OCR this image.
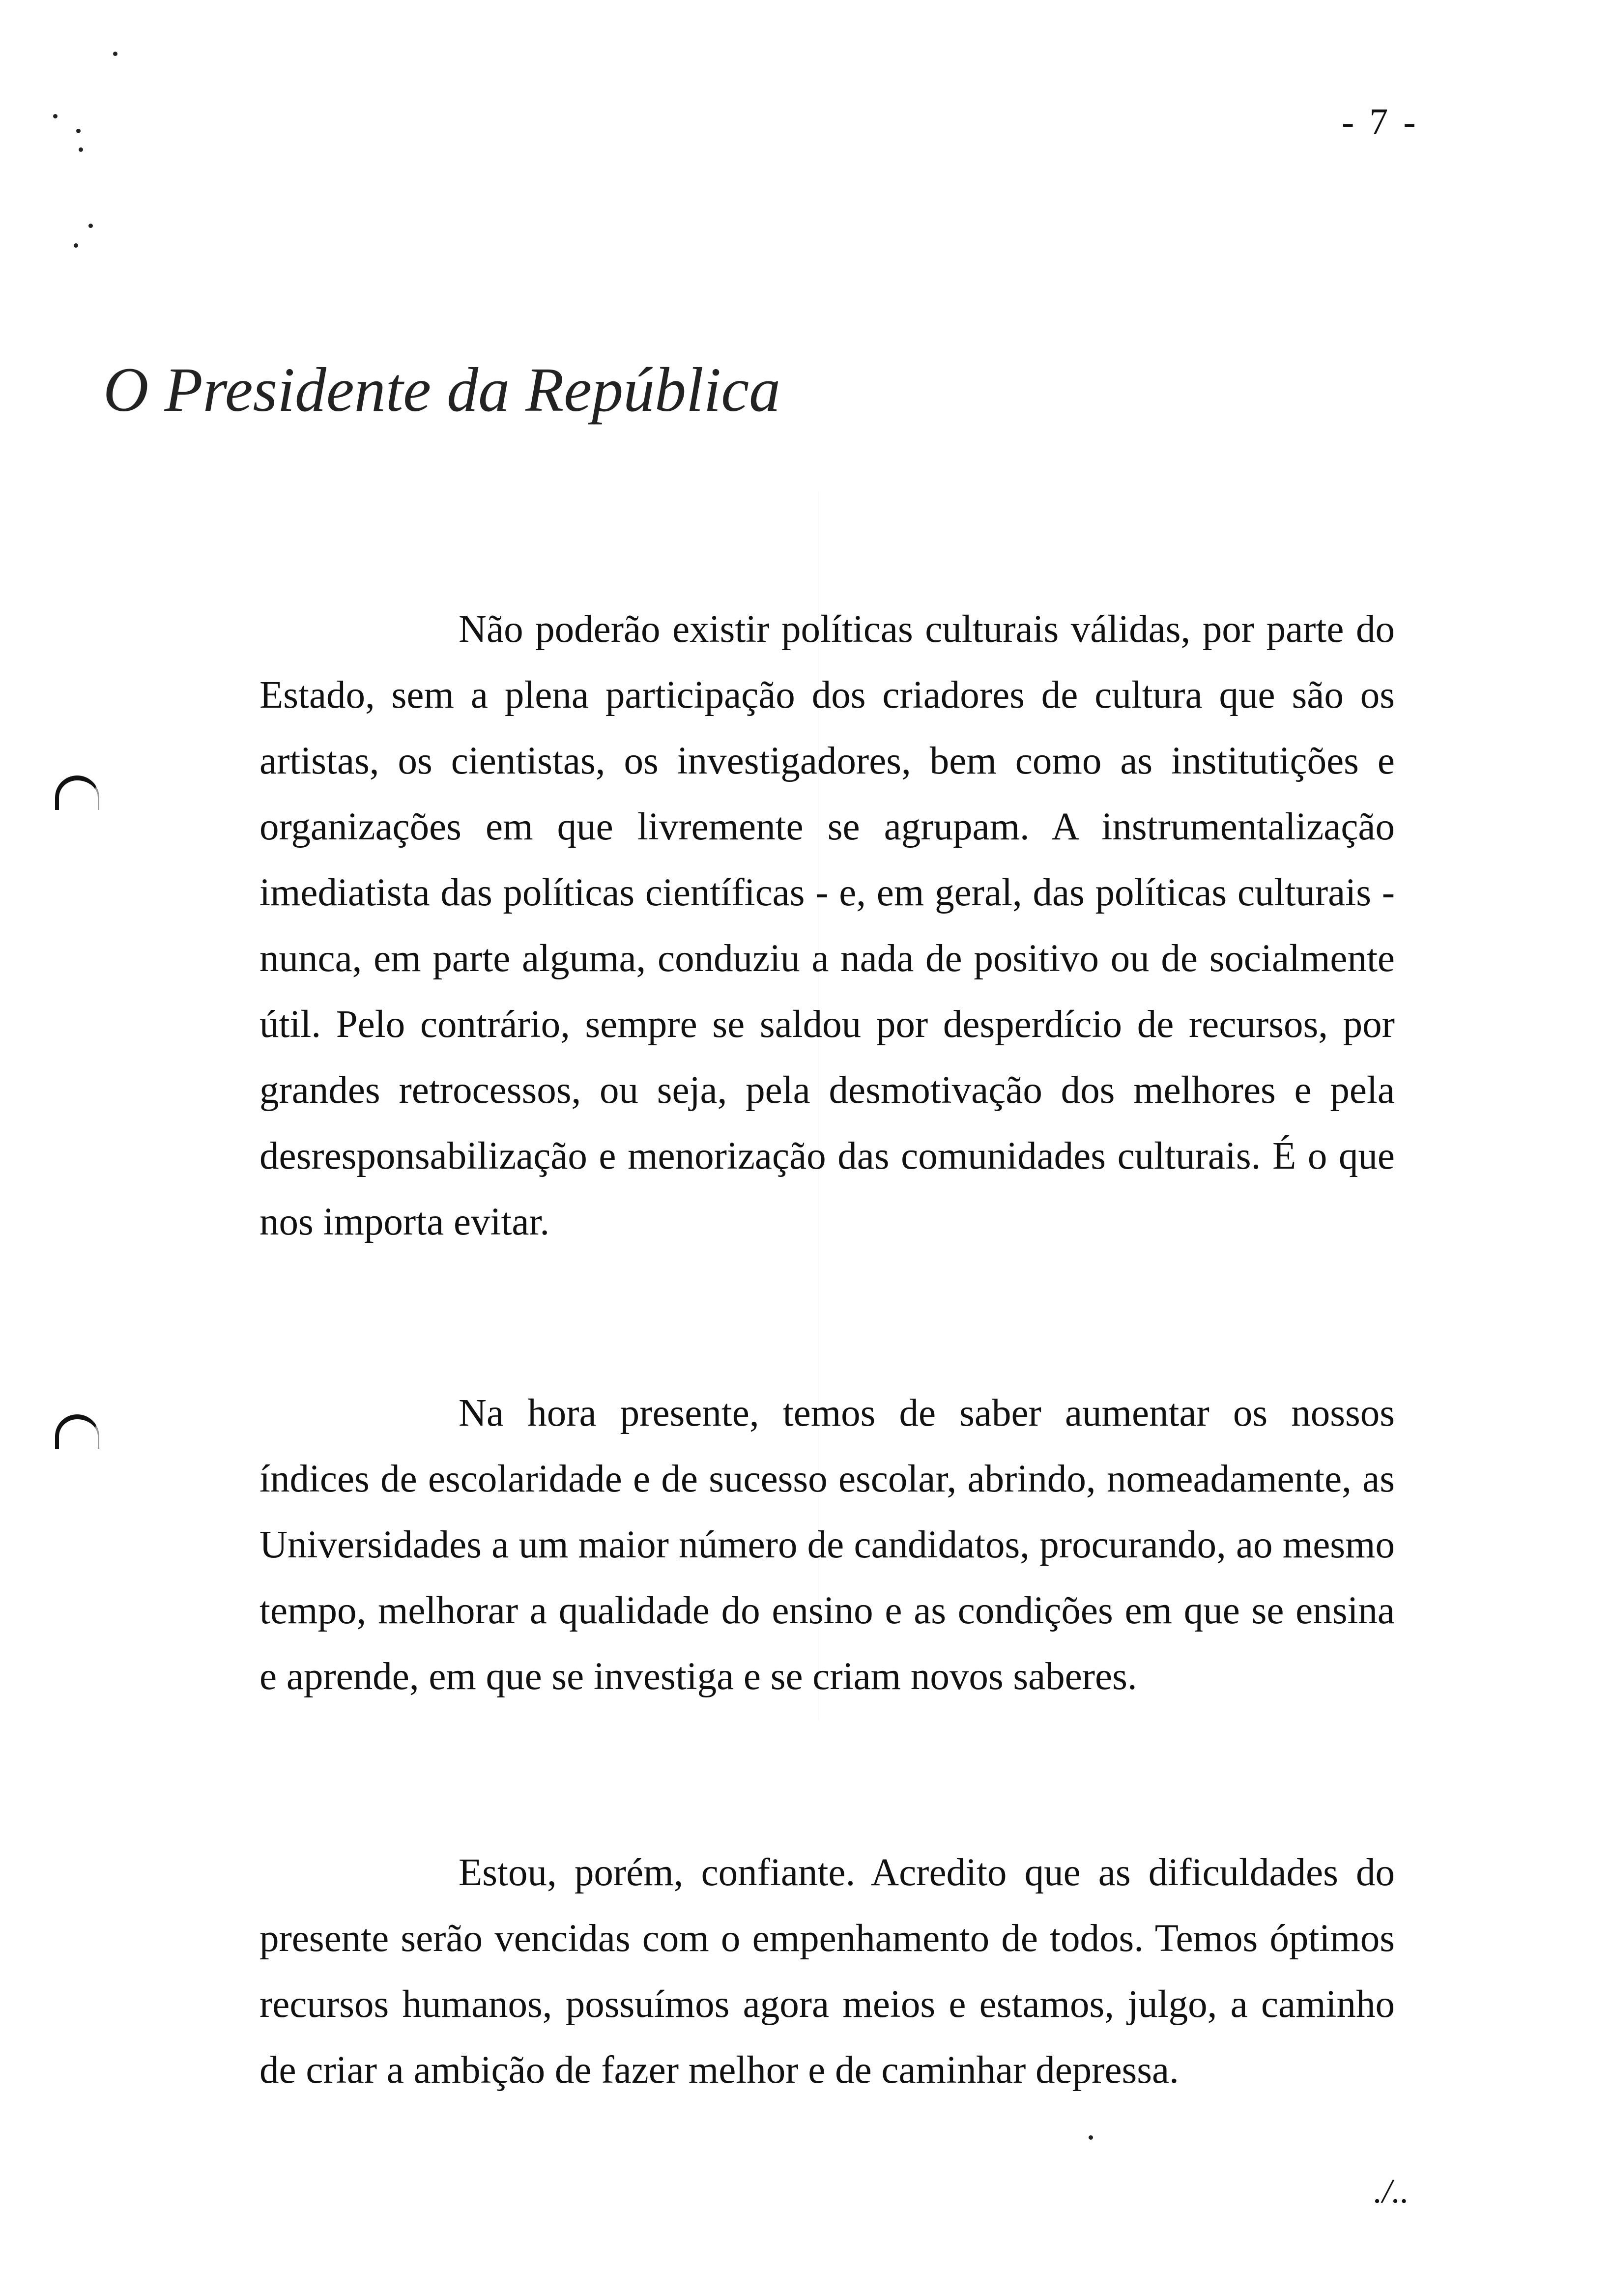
- 7 -
O Presidente da República

Não poderão existir políticas culturais válidas, por parte do Estado, sem a plena participação dos criadores de cultura que são os artistas, os cientistas, os investigadores, bem como as institutições e organizações em que livremente se agrupam. A instrumentalização imediatista das políticas científicas - e, em geral, das políticas culturais - nunca, em parte alguma, conduziu a nada de positivo ou de socialmente útil. Pelo contrário, sempre se saldou por desperdício de recursos, por grandes retrocessos, ou seja, pela desmotivação dos melhores e pela desresponsabilização e menorização das comunidades culturais. É o que nos importa evitar.

Na hora presente, temos de saber aumentar os nossos índices de escolaridade e de sucesso escolar, abrindo, nomeadamente, as Universidades a um maior número de candidatos, procurando, ao mesmo tempo, melhorar a qualidade do ensino e as condições em que se ensina e aprende, em que se investiga e se criam novos saberes.

Estou, porém, confiante. Acredito que as dificuldades do presente serão vencidas com o empenhamento de todos. Temos óptimos recursos humanos, possuímos agora meios e estamos, julgo, a caminho de criar a ambição de fazer melhor e de caminhar depressa.

./..
